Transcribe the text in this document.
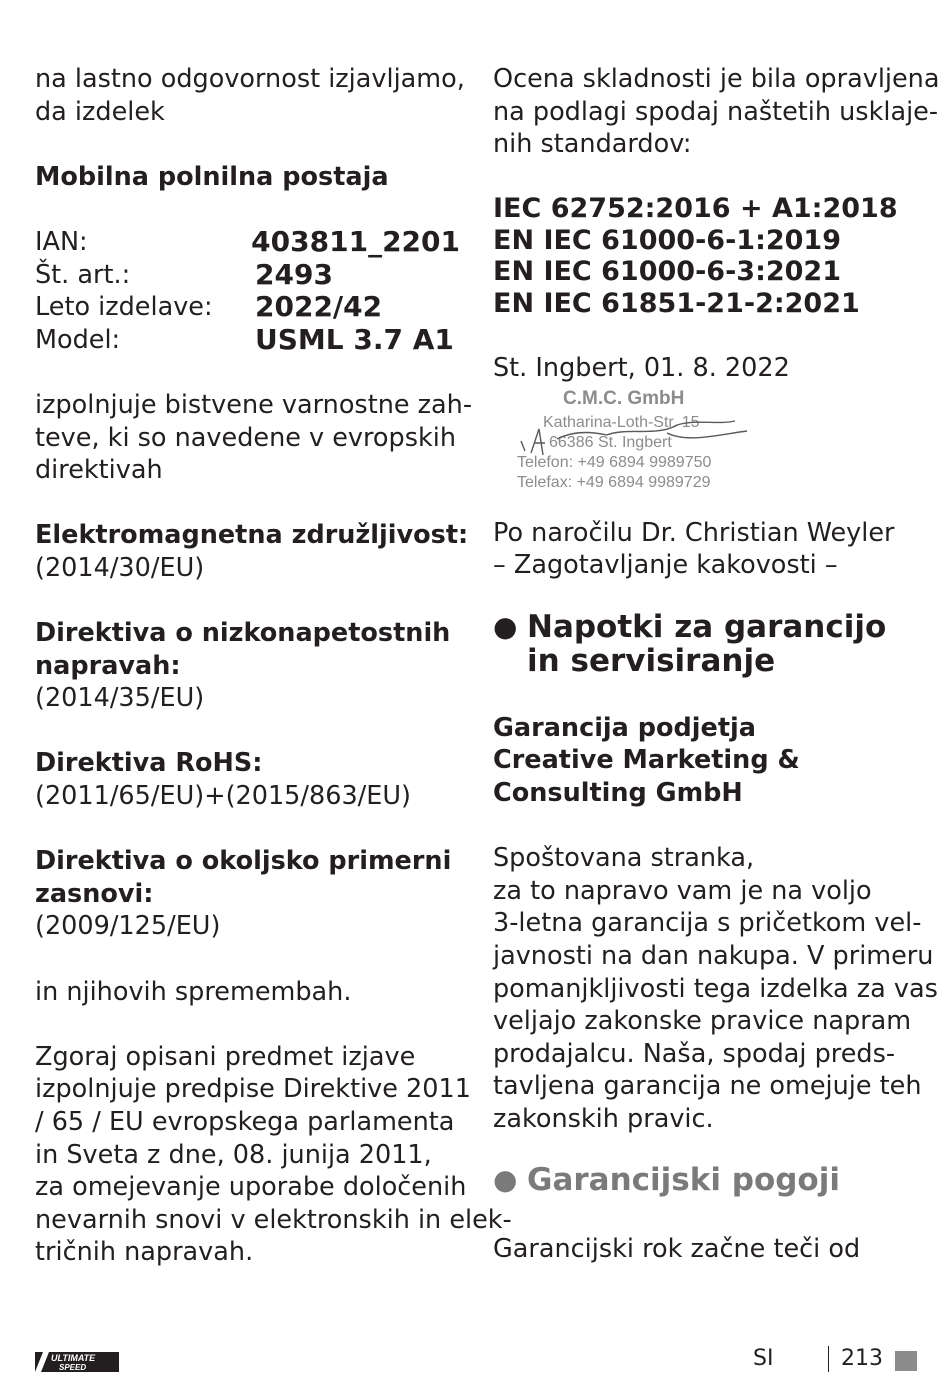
na lastno odgovornost izjavljamo,
da izdelek

Mobilna polnilna postaja

IAN:	403811_2201
Št. art.:	2493
Leto izdelave:	2022/42
Model:	USML 3.7 A1

izpolnjuje bistvene varnostne zah-
teve, ki so navedene v evropskih
direktivah

Elektromagnetna združljivost:
(2014/30/EU)
Direktiva o nizkonapetostnih
napravah:
(2014/35/EU)
Direktiva RoHS:
(2011/65/EU)+(2015/863/EU)
Direktiva o okoljsko primerni
zasnovi:
(2009/125/EU)

in njihovih spremembah.

Zgoraj opisani predmet izjave
izpolnjuje predpise Direktive 2011
/ 65 / EU evropskega parlamenta
in Sveta z dne, 08. junija 2011,
za omejevanje uporabe določenih
nevarnih snovi v elektronskih in elek-
tričnih napravah.

Ocena skladnosti je bila opravljena
na podlagi spodaj naštetih usklaje-
nih standardov:

IEC 62752:2016 + A1:2018
EN IEC 61000-6-1:2019
EN IEC 61000-6-3:2021
EN IEC 61851-21-2:2021

St. Ingbert, 01. 8. 2022

C.M.C. GmbH
Katharina-Loth-Str. 15
66386 St. Ingbert
Telefon: +49 6894 9989750
Telefax: +49 6894 9989729

Po naročilu Dr. Christian Weyler
– Zagotavljanje kakovosti –

● Napotki za garancijo
in servisiranje
Garancija podjetja
Creative Marketing &
Consulting GmbH

Spoštovana stranka,
za to napravo vam je na voljo
3-letna garancija s pričetkom vel-
javnosti na dan nakupa. V primeru
pomanjkljivosti tega izdelka za vas
veljajo zakonske pravice napram
prodajalcu. Naša, spodaj preds-
tavljena garancija ne omejuje teh
zakonskih pravic.

● Garancijski pogoji

Garancijski rok začne teči od

ULTIMATE
SPEED	SI	213
